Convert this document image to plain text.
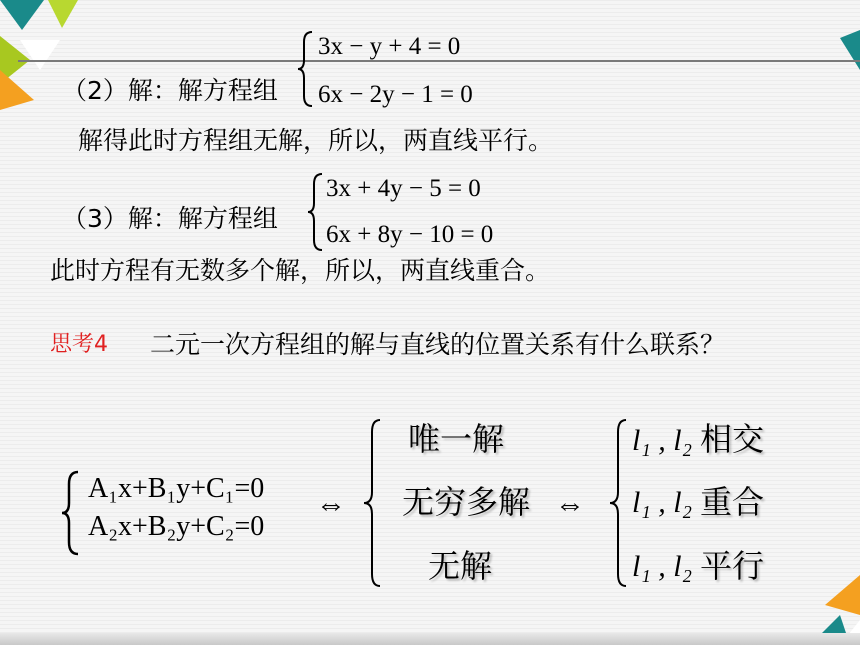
（2）解：解方程组
3x − y + 4 = 0
6x − 2y − 1 = 0
解得此时方程组无解，所以，两直线平行。
（3）解：解方程组
3x + 4y − 5 = 0
6x + 8y − 10 = 0
此时方程有无数多个解，所以，两直线重合。
思考4 二元一次方程组的解与直线的位置关系有什么联系？
A₁x+B₁y+C₁=0
A₂x+B₂y+C₂=0
⇔
唯一解
无穷多解
无解
⇔
l₁ , l₂ 相交
l₁ , l₂ 重合
l₁ , l₂ 平行
